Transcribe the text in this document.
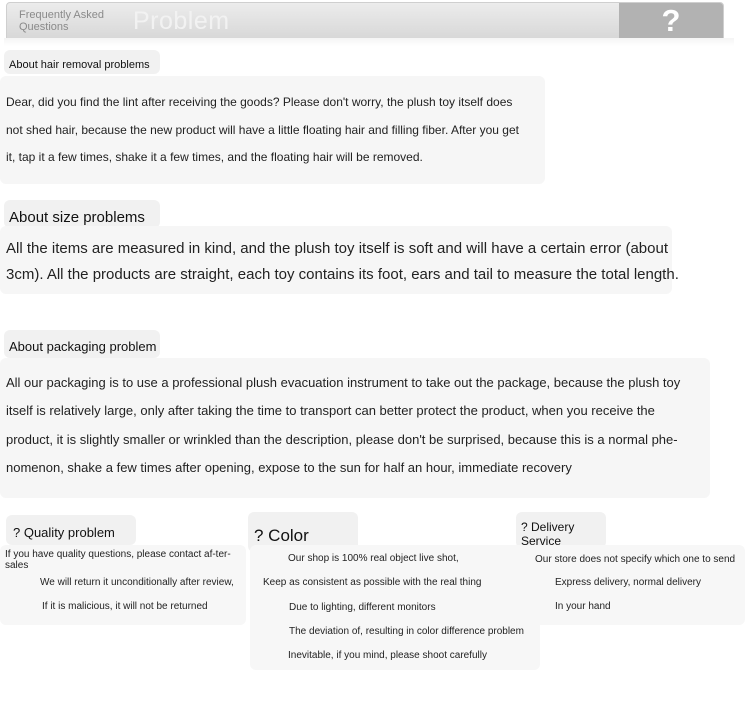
Frequently Asked Questions	Problem	?
About hair removal problems
Dear, did you find the lint after receiving the goods? Please don't worry, the plush toy itself does
not shed hair, because the new product will have a little floating hair and filling fiber. After you get
it, tap it a few times, shake it a few times, and the floating hair will be removed.
About size problems
All the items are measured in kind, and the plush toy itself is soft and will have a certain error (about
3cm). All the products are straight, each toy contains its foot, ears and tail to measure the total length.
About packaging problem
All our packaging is to use a professional plush evacuation instrument to take out the package, because the plush toy
itself is relatively large, only after taking the time to transport can better protect the product, when you receive the
product, it is slightly smaller or wrinkled than the description, please don't be surprised, because this is a normal phe-
nomenon, shake a few times after opening, expose to the sun for half an hour, immediate recovery
? Quality problem
If you have quality questions, please contact af-ter-sales
We will return it unconditionally after review,
If it is malicious, it will not be returned
? Color
Our shop is 100% real object live shot,
Keep as consistent as possible with the real thing
Due to lighting, different monitors
The deviation of, resulting in color difference problem
Inevitable, if you mind, please shoot carefully
? Delivery Service
Our store does not specify which one to send
Express delivery, normal delivery
In your hand
